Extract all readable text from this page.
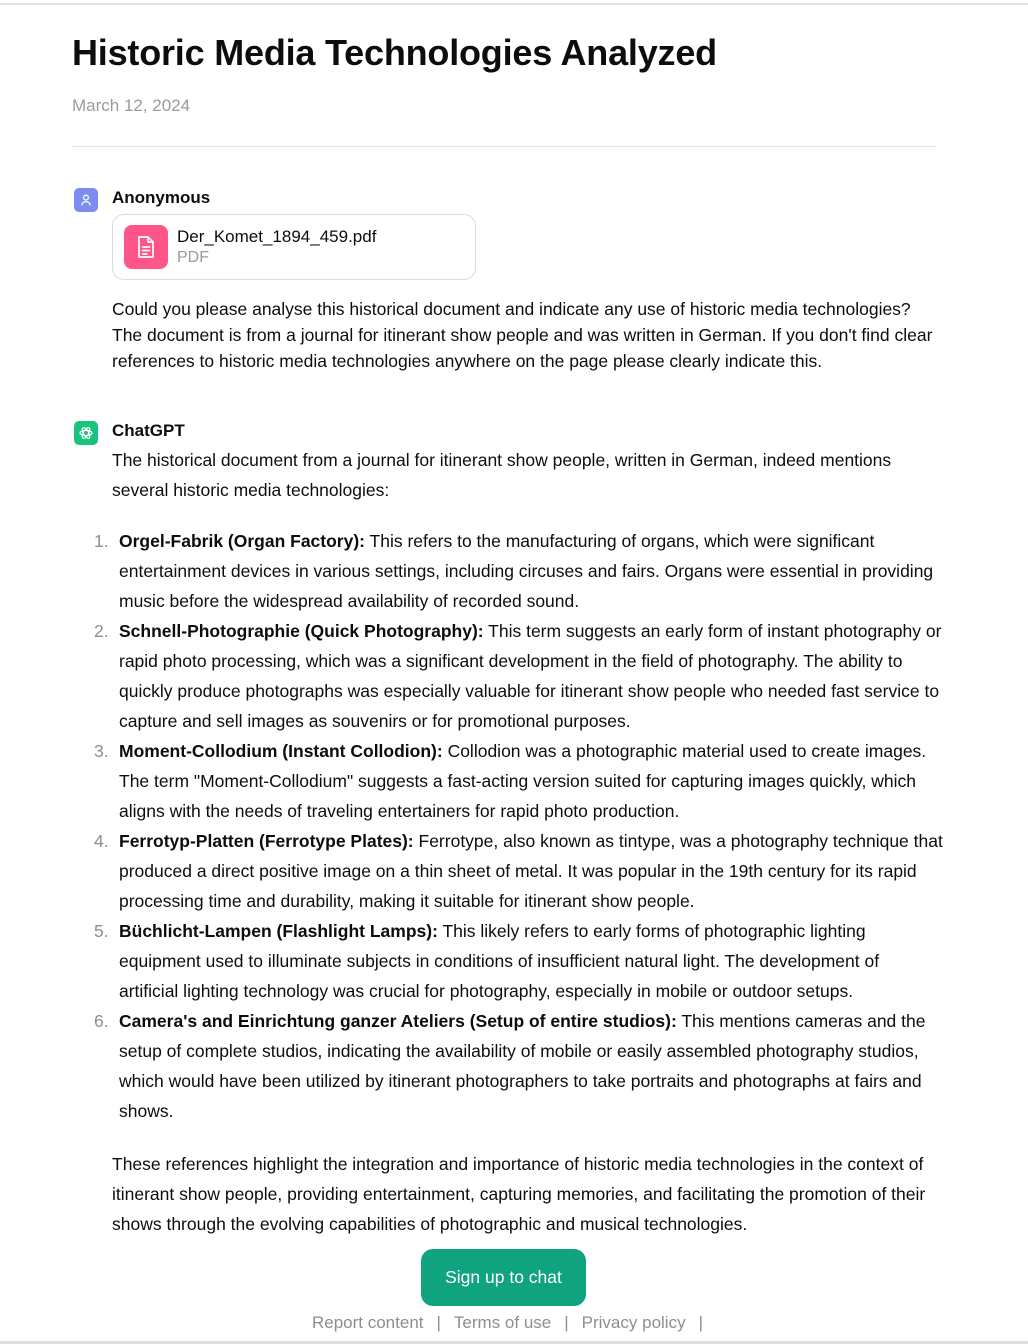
Historic Media Technologies Analyzed
March 12, 2024
Anonymous
Der_Komet_1894_459.pdf
PDF
Could you please analyse this historical document and indicate any use of historic media technologies? The document is from a journal for itinerant show people and was written in German. If you don't find clear references to historic media technologies anywhere on the page please clearly indicate this.
ChatGPT
The historical document from a journal for itinerant show people, written in German, indeed mentions several historic media technologies:
Orgel-Fabrik (Organ Factory): This refers to the manufacturing of organs, which were significant entertainment devices in various settings, including circuses and fairs. Organs were essential in providing music before the widespread availability of recorded sound.
Schnell-Photographie (Quick Photography): This term suggests an early form of instant photography or rapid photo processing, which was a significant development in the field of photography. The ability to quickly produce photographs was especially valuable for itinerant show people who needed fast service to capture and sell images as souvenirs or for promotional purposes.
Moment-Collodium (Instant Collodion): Collodion was a photographic material used to create images. The term "Moment-Collodium" suggests a fast-acting version suited for capturing images quickly, which aligns with the needs of traveling entertainers for rapid photo production.
Ferrotyp-Platten (Ferrotype Plates): Ferrotype, also known as tintype, was a photography technique that produced a direct positive image on a thin sheet of metal. It was popular in the 19th century for its rapid processing time and durability, making it suitable for itinerant show people.
Büchlicht-Lampen (Flashlight Lamps): This likely refers to early forms of photographic lighting equipment used to illuminate subjects in conditions of insufficient natural light. The development of artificial lighting technology was crucial for photography, especially in mobile or outdoor setups.
Camera's and Einrichtung ganzer Ateliers (Setup of entire studios): This mentions cameras and the setup of complete studios, indicating the availability of mobile or easily assembled photography studios, which would have been utilized by itinerant photographers to take portraits and photographs at fairs and shows.
These references highlight the integration and importance of historic media technologies in the context of itinerant show people, providing entertainment, capturing memories, and facilitating the promotion of their shows through the evolving capabilities of photographic and musical technologies.
Sign up to chat
Report content | Terms of use | Privacy policy |
